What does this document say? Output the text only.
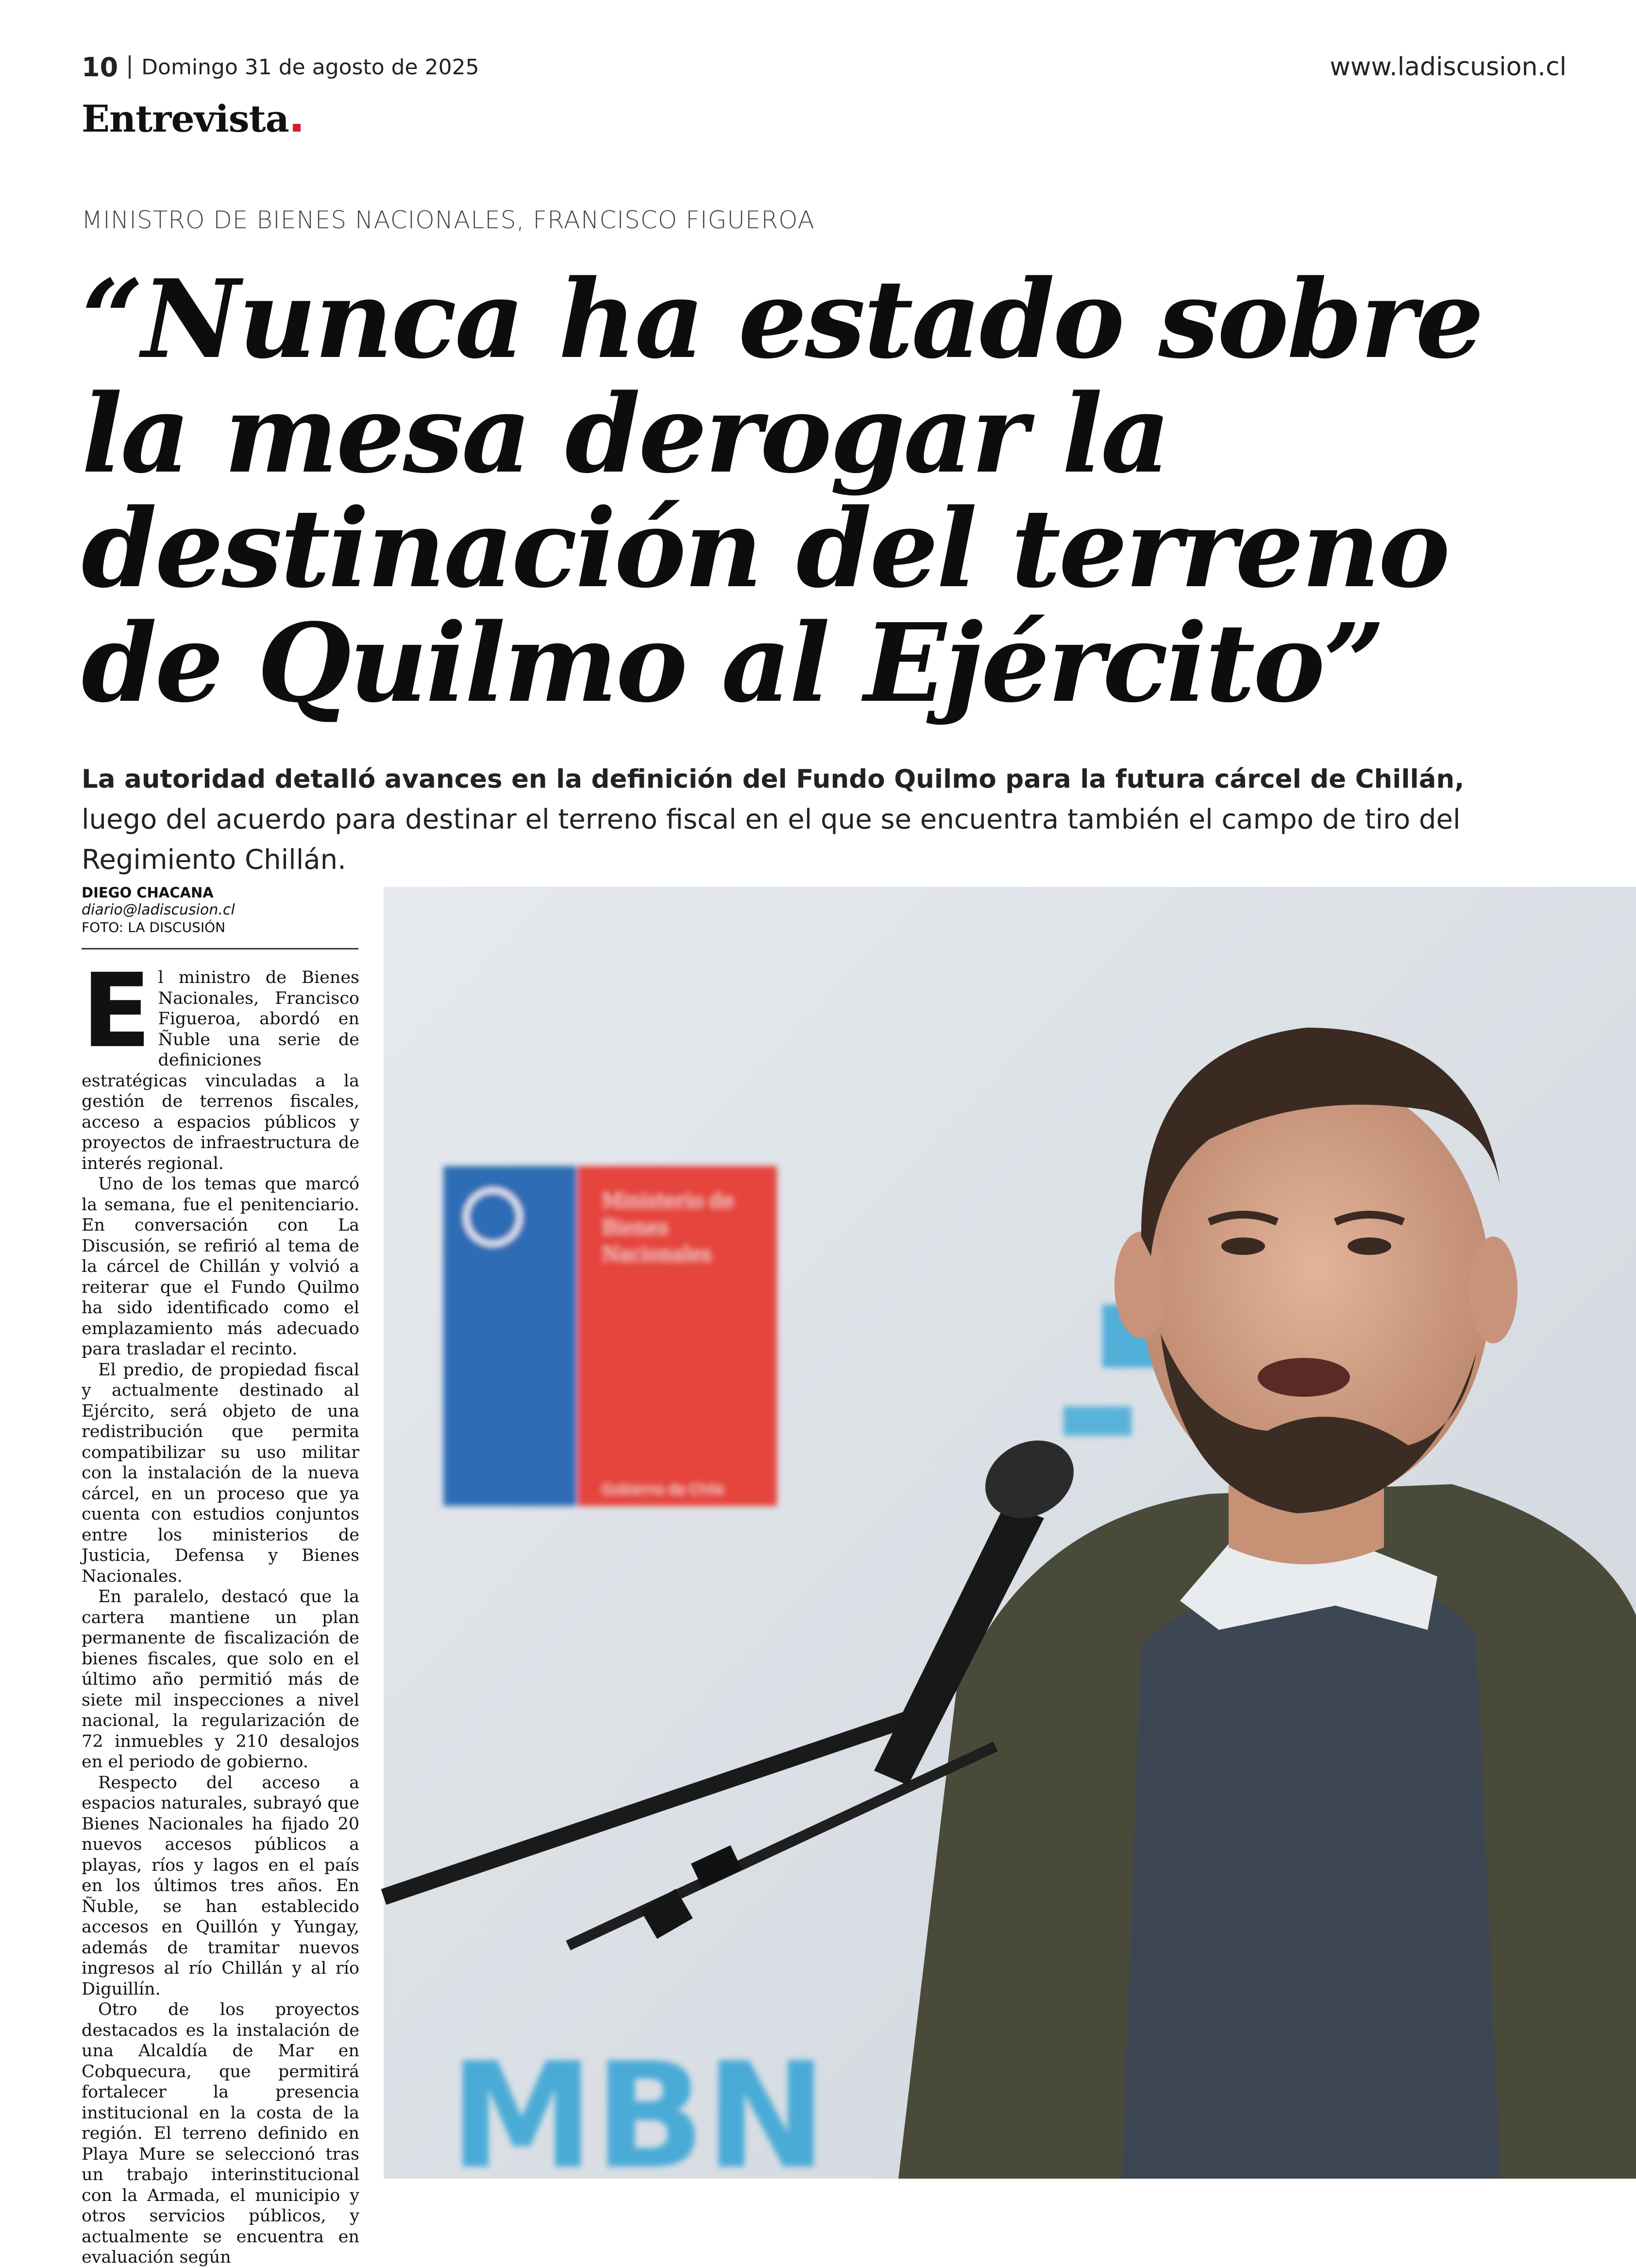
10 Domingo 31 de agosto de 2025	www.ladiscusion.cl
Entrevista
MINISTRO DE BIENES NACIONALES, FRANCISCO FIGUEROA
“Nunca ha estado sobre
la mesa derogar la
destinación del terreno
de Quilmo al Ejército”
La autoridad detalló avances en la definición del Fundo Quilmo para la futura cárcel de Chillán, luego del acuerdo para destinar el terreno fiscal en el que se encuentra también el campo de tiro del Regimiento Chillán.
DIEGO CHACANA
diario@ladiscusion.cl
FOTO: LA DISCUSIÓN
E l ministro de Bienes Nacionales, Francisco Figueroa, abordó en Ñuble una serie de definiciones estratégicas vinculadas a la gestión de terrenos fiscales, acceso a espacios públicos y proyectos de infraestructura de interés regional.

Uno de los temas que marcó la semana, fue el penitenciario. En conversación con La Discusión, se refirió al tema de la cárcel de Chillán y volvió a reiterar que el Fundo Quilmo ha sido identificado como el emplazamiento más adecuado para trasladar el recinto.

El predio, de propiedad fiscal y actualmente destinado al Ejército, será objeto de una redistribución que permita compatibilizar su uso militar con la instalación de la nueva cárcel, en un proceso que ya cuenta con estudios conjuntos entre los ministerios de Justicia, Defensa y Bienes Nacionales.

En paralelo, destacó que la cartera mantiene un plan permanente de fiscalización de bienes fiscales, que solo en el último año permitió más de siete mil inspecciones a nivel nacional, la regularización de 72 inmuebles y 210 desalojos en el periodo de gobierno.

Respecto del acceso a espacios naturales, subrayó que Bienes Nacionales ha fijado 20 nuevos accesos públicos a playas, ríos y lagos en el país en los últimos tres años. En Ñuble, se han establecido accesos en Quillón y Yungay, además de tramitar nuevos ingresos al río Chillán y al río Diguillín.

Otro de los proyectos destacados es la instalación de una Alcaldía de Mar en Cobquecura, que permitirá fortalecer la presencia institucional en la costa de la región. El terreno definido en Playa Mure se seleccionó tras un trabajo interinstitucional con la Armada, el municipio y otros servicios públicos, y actualmente se encuentra en evaluación según

Ministerio de
Bienes
Nacionales
Gobierno de Chile
MBN
